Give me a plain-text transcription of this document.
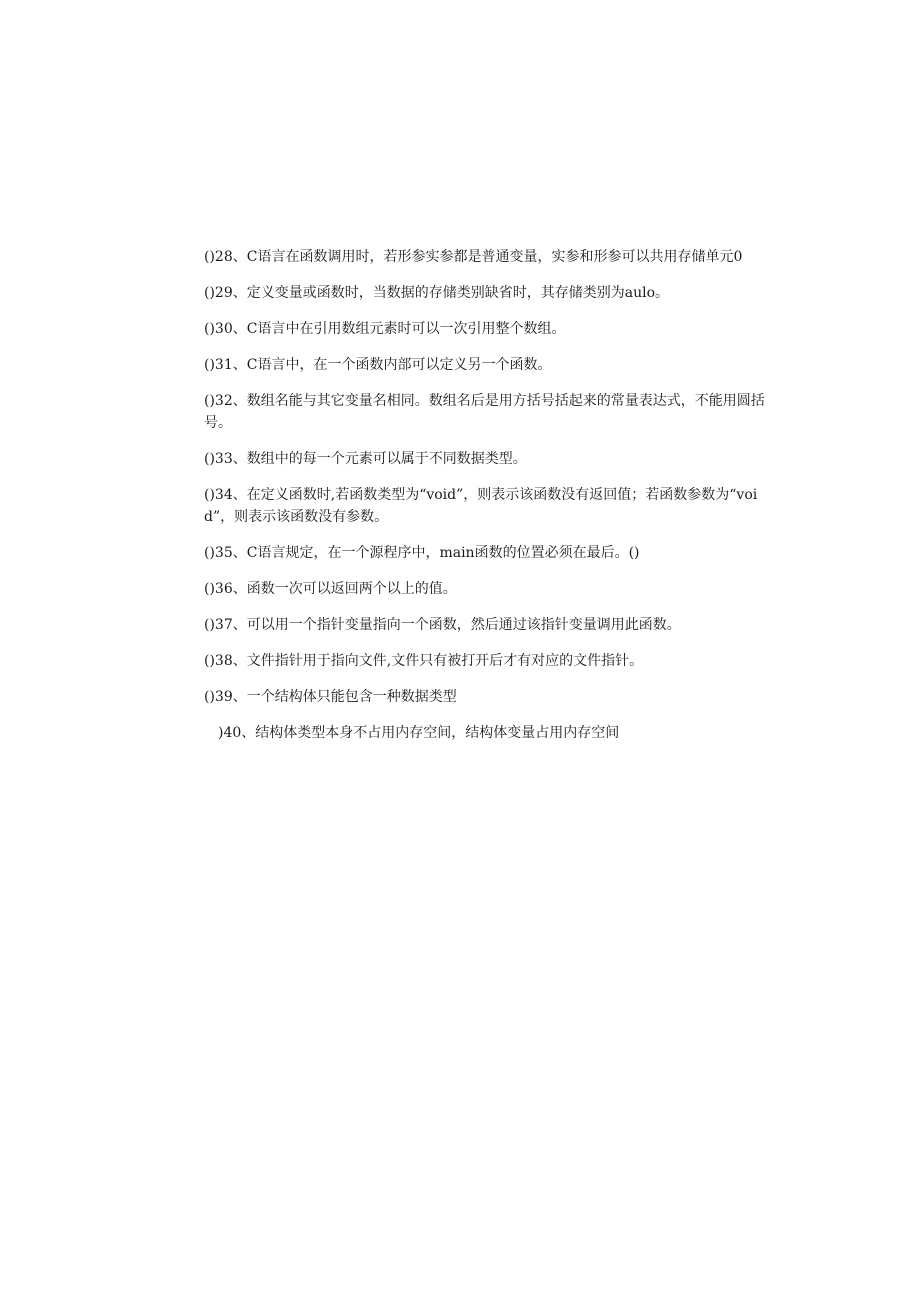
()28、C语言在函数调用时，若形参实参都是普通变量，实参和形参可以共用存储单元0

()29、定义变量或函数时，当数据的存储类别缺省时，其存储类别为aulo。

()30、C语言中在引用数组元素时可以一次引用整个数组。

()31、C语言中，在一个函数内部可以定义另一个函数。

()32、数组名能与其它变量名相同。数组名后是用方括号括起来的常量表达式，不能用圆括号。

()33、数组中的每一个元素可以属于不同数据类型。

()34、在定义函数时,若函数类型为“void”，则表示该函数没有返回值；若函数参数为“void”，则表示该函数没有参数。

()35、C语言规定，在一个源程序中，main函数的位置必须在最后。()

()36、函数一次可以返回两个以上的值。

()37、可以用一个指针变量指向一个函数，然后通过该指针变量调用此函数。

()38、文件指针用于指向文件,文件只有被打开后才有对应的文件指针。

()39、一个结构体只能包含一种数据类型

)40、结构体类型本身不占用内存空间，结构体变量占用内存空间
